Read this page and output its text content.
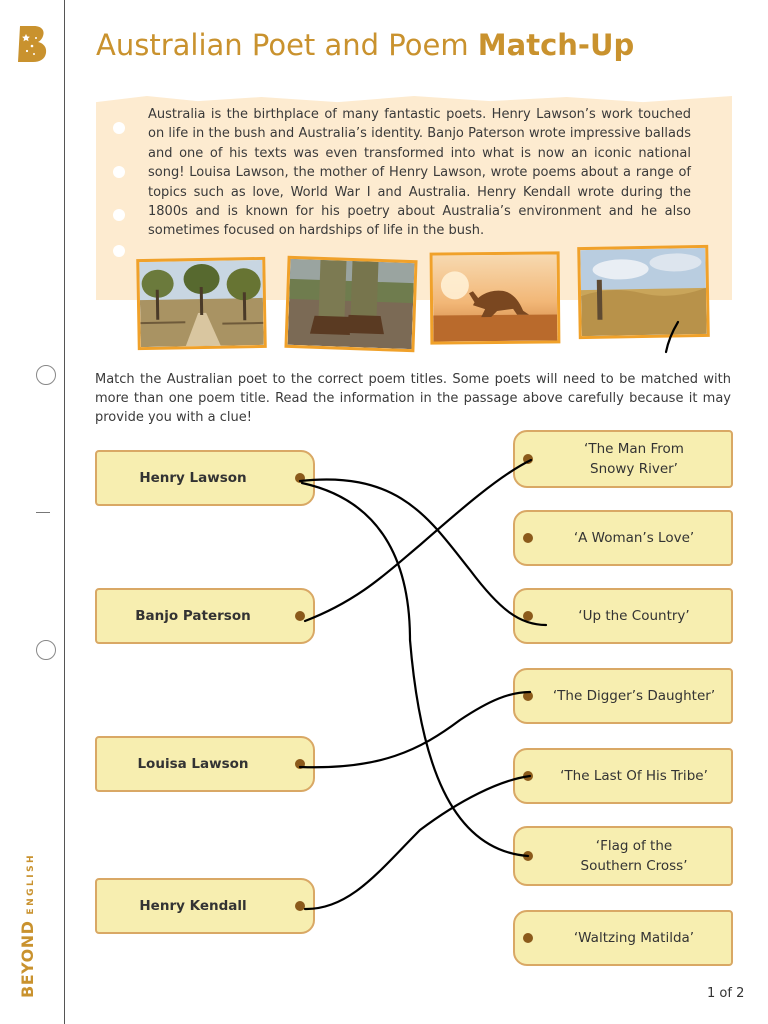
BEYONDENGLISH
Australian Poet and Poem Match-Up
Australia is the birthplace of many fantastic poets. Henry Lawson’s work touched on life in the bush and Australia’s identity. Banjo Paterson wrote impressive ballads and one of his texts was even transformed into what is now an iconic national song! Louisa Lawson, the mother of Henry Lawson, wrote poems about a range of topics such as love, World War I and Australia. Henry Kendall wrote during the 1800s and is known for his poetry about Australia’s environment and he also sometimes focused on hardships of life in the bush.
Match the Australian poet to the correct poem titles. Some poets will need to be matched with more than one poem title. Read the information in the passage above carefully because it may provide you with a clue!
Henry Lawson
Banjo Paterson
Louisa Lawson
Henry Kendall
‘The Man From
Snowy River’
‘A Woman’s Love’
‘Up the Country’
‘The Digger’s Daughter’
‘The Last Of His Tribe’
‘Flag of the
Southern Cross’
‘Waltzing Matilda’
1 of 2
